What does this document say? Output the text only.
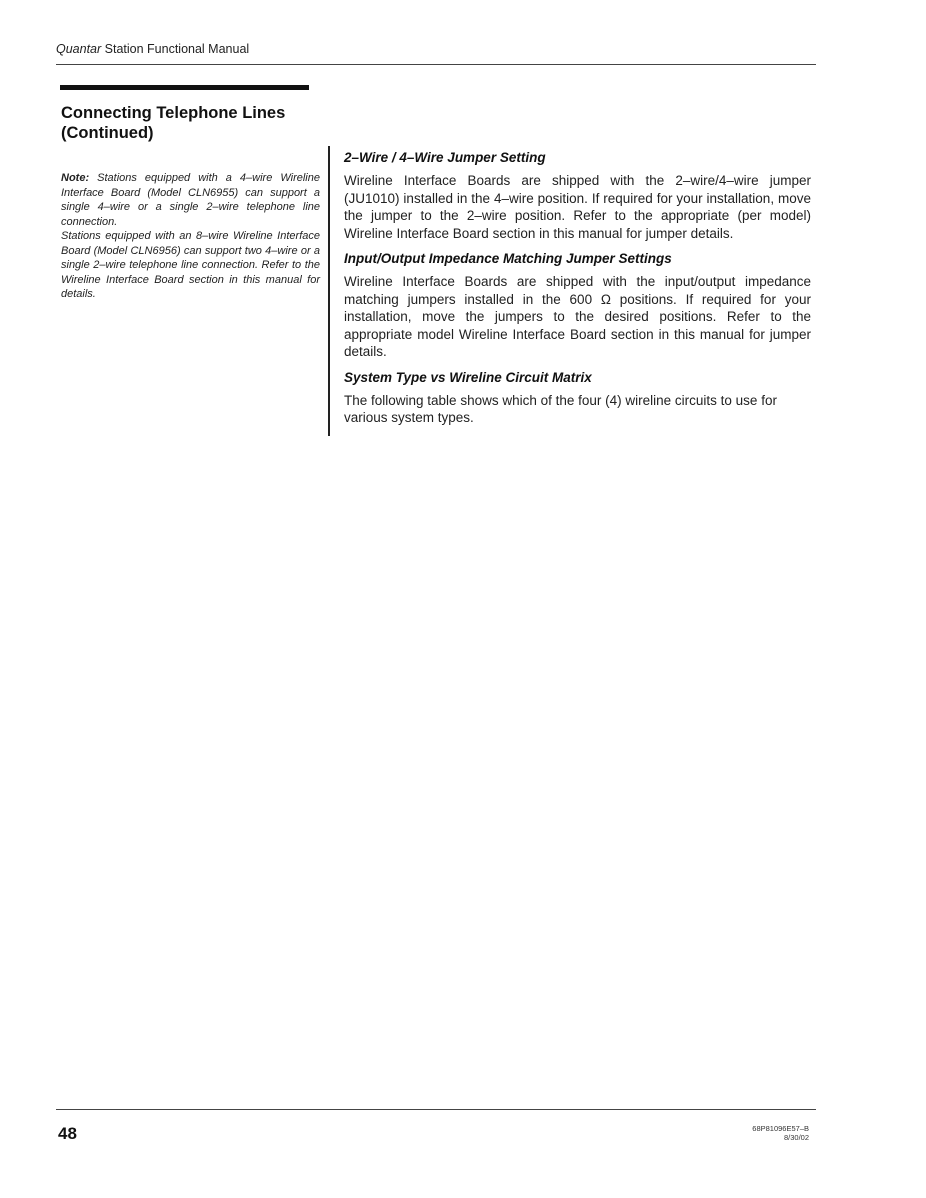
Quantar Station Functional Manual
Connecting Telephone Lines
(Continued)

Note: Stations equipped with a 4–wire Wireline Interface Board (Model CLN6955) can support a single 4–wire or a single 2–wire telephone line connection.

Stations equipped with an 8–wire Wireline Interface Board (Model CLN6956) can support two 4–wire or a single 2–wire telephone line connection. Refer to the Wireline Interface Board section in this manual for details.

2–Wire / 4–Wire Jumper Setting

Wireline Interface Boards are shipped with the 2–wire/4–wire jumper (JU1010) installed in the 4–wire position. If required for your installation, move the jumper to the 2–wire position. Refer to the appropriate (per model) Wireline Interface Board section in this manual for jumper details.

Input/Output Impedance Matching Jumper Settings

Wireline Interface Boards are shipped with the input/output impedance matching jumpers installed in the 600 Ω positions. If required for your installation, move the jumpers to the desired positions. Refer to the appropriate model Wireline Interface Board section in this manual for jumper details.

System Type vs Wireline Circuit Matrix

The following table shows which of the four (4) wireline circuits to use for various system types.

48	68P81096E57–B
8/30/02
